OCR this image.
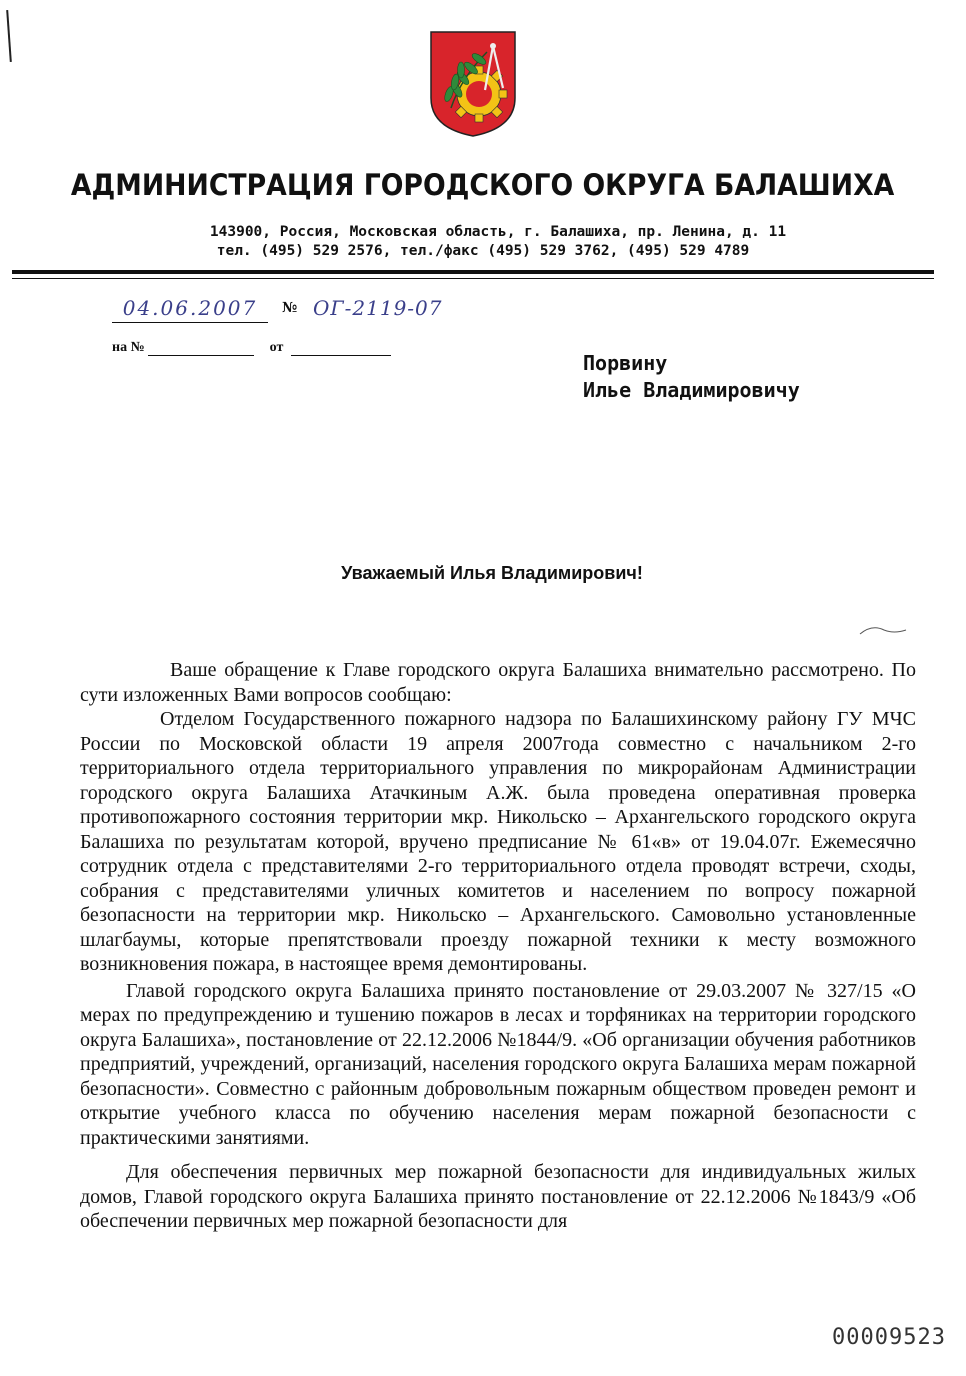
АДМИНИСТРАЦИЯ ГОРОДСКОГО ОКРУГА БАЛАШИХА
143900, Россия, Московская область, г. Балашиха, пр. Ленина, д. 11
тел. (495) 529 2576, тел./факс (495) 529 3762, (495) 529 4789
04.06.2007	№ ОГ-2119-07
на №	от
Порвину
Илье Владимировичу
Уважаемый Илья Владимирович!

Ваше обращение к Главе городского округа Балашиха внимательно рассмотрено. По сути изложенных Вами вопросов сообщаю:

Отделом Государственного пожарного надзора по Балашихинскому району ГУ МЧС России по Московской области 19 апреля 2007года совместно с начальником 2-го территориального отдела территориального управления по микрорайонам Администрации городского округа Балашиха Атачкиным А.Ж. была проведена оперативная проверка противопожарного состояния территории мкр. Никольско – Архангельского городского округа Балашиха по результатам которой, вручено предписание № 61«в» от 19.04.07г. Ежемесячно сотрудник отдела с представителями 2-го территориального отдела проводят встречи, сходы, собрания с представителями уличных комитетов и населением по вопросу пожарной безопасности на территории мкр. Никольско – Архангельского. Самовольно установленные шлагбаумы, которые препятствовали проезду пожарной техники к месту возможного возникновения пожара, в настоящее время демонтированы.

Главой городского округа Балашиха принято постановление от 29.03.2007 № 327/15 «О мерах по предупреждению и тушению пожаров в лесах и торфяниках на территории городского округа Балашиха», постановление от 22.12.2006 №1844/9. «Об организации обучения работников предприятий, учреждений, организаций, населения городского округа Балашиха мерам пожарной безопасности». Совместно с районным добровольным пожарным обществом проведен ремонт и открытие учебного класса по обучению населения мерам пожарной безопасности с практическими занятиями.

Для обеспечения первичных мер пожарной безопасности для индивидуальных жилых домов, Главой городского округа Балашиха принято постановление от 22.12.2006 №1843/9 «Об обеспечении первичных мер пожарной безопасности для

00009523
